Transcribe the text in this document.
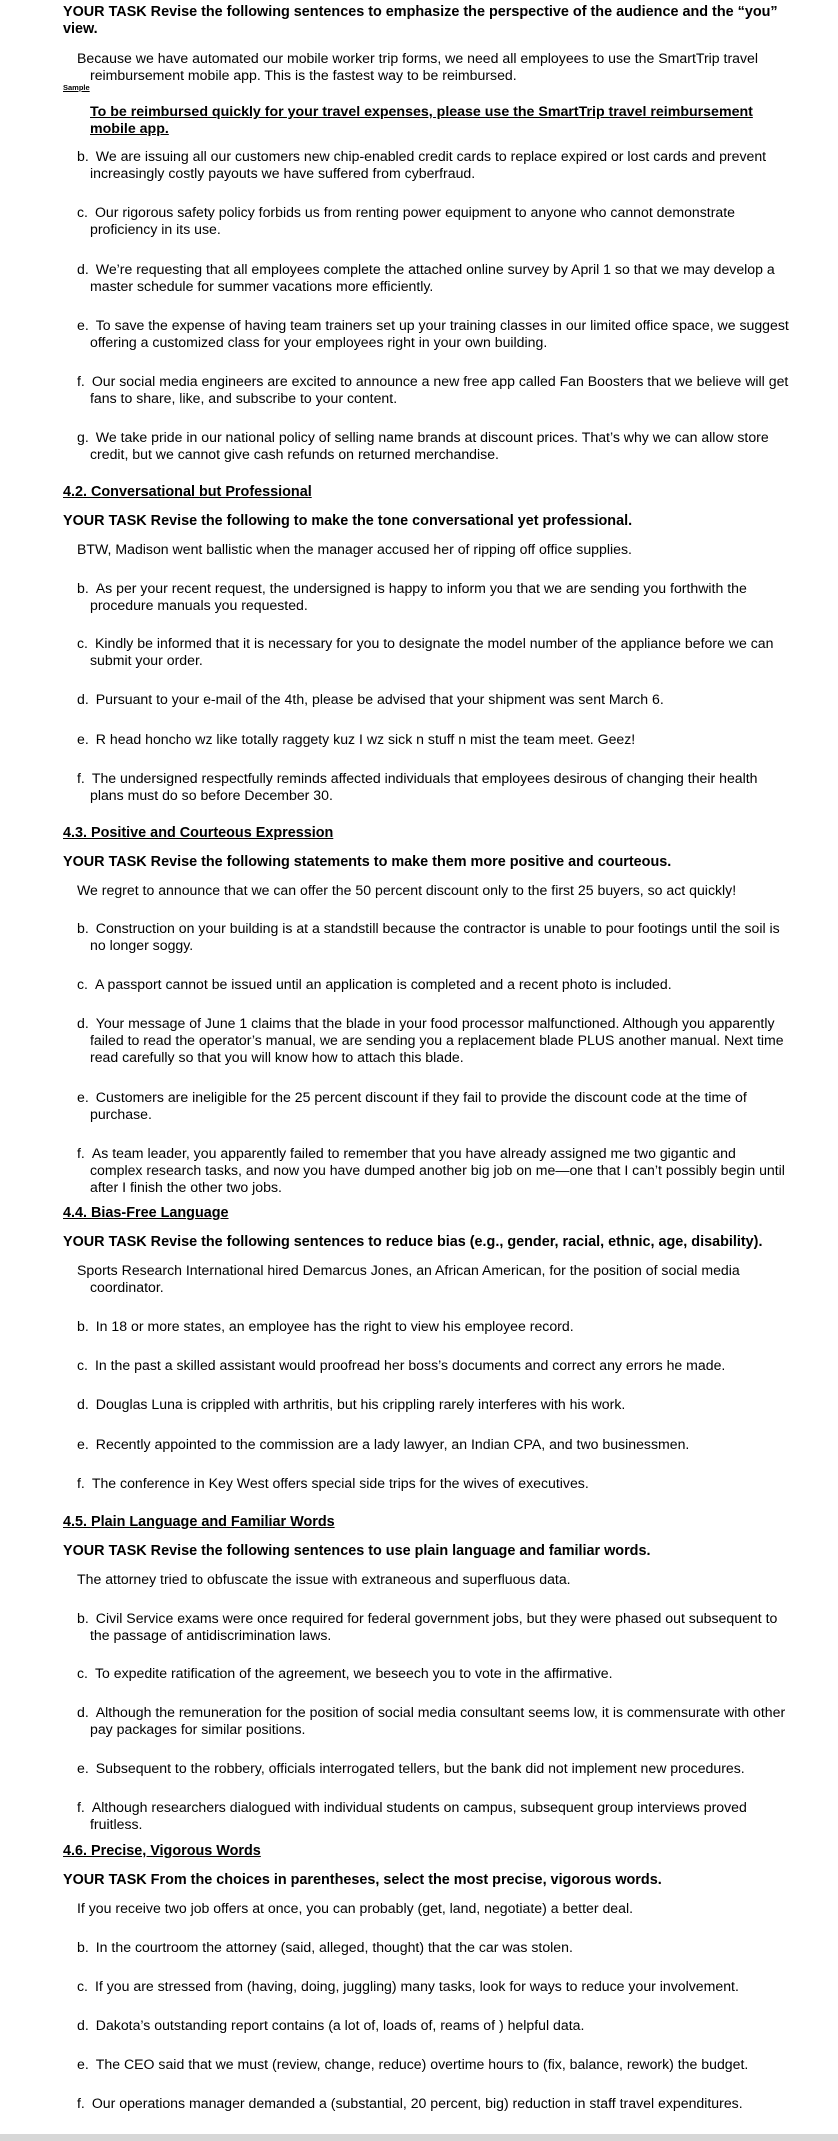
YOUR TASK Revise the following sentences to emphasize the perspective of the audience and the “you” view.

Because we have automated our mobile worker trip forms, we need all employees to use the SmartTrip travel reimbursement mobile app. This is the fastest way to be reimbursed.

Sample

To be reimbursed quickly for your travel expenses, please use the SmartTrip travel reimbursement mobile app.

b. We are issuing all our customers new chip-enabled credit cards to replace expired or lost cards and prevent increasingly costly payouts we have suffered from cyberfraud.

c. Our rigorous safety policy forbids us from renting power equipment to anyone who cannot demonstrate proficiency in its use.

d. We’re requesting that all employees complete the attached online survey by April 1 so that we may develop a master schedule for summer vacations more efficiently.

e. To save the expense of having team trainers set up your training classes in our limited office space, we suggest offering a customized class for your employees right in your own building.

f. Our social media engineers are excited to announce a new free app called Fan Boosters that we believe will get fans to share, like, and subscribe to your content.

g. We take pride in our national policy of selling name brands at discount prices. That’s why we can allow store credit, but we cannot give cash refunds on returned merchandise.

4.2. Conversational but Professional

YOUR TASK Revise the following to make the tone conversational yet professional.

BTW, Madison went ballistic when the manager accused her of ripping off office supplies.

b. As per your recent request, the undersigned is happy to inform you that we are sending you forthwith the procedure manuals you requested.

c. Kindly be informed that it is necessary for you to designate the model number of the appliance before we can submit your order.

d. Pursuant to your e-mail of the 4th, please be advised that your shipment was sent March 6.

e. R head honcho wz like totally raggety kuz I wz sick n stuff n mist the team meet. Geez!

f. The undersigned respectfully reminds affected individuals that employees desirous of changing their health plans must do so before December 30.

4.3. Positive and Courteous Expression

YOUR TASK Revise the following statements to make them more positive and courteous.

We regret to announce that we can offer the 50 percent discount only to the first 25 buyers, so act quickly!

b. Construction on your building is at a standstill because the contractor is unable to pour footings until the soil is no longer soggy.

c. A passport cannot be issued until an application is completed and a recent photo is included.

d. Your message of June 1 claims that the blade in your food processor malfunctioned. Although you apparently failed to read the operator’s manual, we are sending you a replacement blade PLUS another manual. Next time read carefully so that you will know how to attach this blade.

e. Customers are ineligible for the 25 percent discount if they fail to provide the discount code at the time of purchase.

f. As team leader, you apparently failed to remember that you have already assigned me two gigantic and complex research tasks, and now you have dumped another big job on me—one that I can’t possibly begin until after I finish the other two jobs.

4.4. Bias-Free Language

YOUR TASK Revise the following sentences to reduce bias (e.g., gender, racial, ethnic, age, disability).

Sports Research International hired Demarcus Jones, an African American, for the position of social media coordinator.

b. In 18 or more states, an employee has the right to view his employee record.

c. In the past a skilled assistant would proofread her boss’s documents and correct any errors he made.

d. Douglas Luna is crippled with arthritis, but his crippling rarely interferes with his work.

e. Recently appointed to the commission are a lady lawyer, an Indian CPA, and two businessmen.

f. The conference in Key West offers special side trips for the wives of executives.

4.5. Plain Language and Familiar Words

YOUR TASK Revise the following sentences to use plain language and familiar words.

The attorney tried to obfuscate the issue with extraneous and superfluous data.

b. Civil Service exams were once required for federal government jobs, but they were phased out subsequent to the passage of antidiscrimination laws.

c. To expedite ratification of the agreement, we beseech you to vote in the affirmative.

d. Although the remuneration for the position of social media consultant seems low, it is commensurate with other pay packages for similar positions.

e. Subsequent to the robbery, officials interrogated tellers, but the bank did not implement new procedures.

f. Although researchers dialogued with individual students on campus, subsequent group interviews proved fruitless.

4.6. Precise, Vigorous Words

YOUR TASK From the choices in parentheses, select the most precise, vigorous words.

If you receive two job offers at once, you can probably (get, land, negotiate) a better deal.

b. In the courtroom the attorney (said, alleged, thought) that the car was stolen.

c. If you are stressed from (having, doing, juggling) many tasks, look for ways to reduce your involvement.

d. Dakota’s outstanding report contains (a lot of, loads of, reams of ) helpful data.

e. The CEO said that we must (review, change, reduce) overtime hours to (fix, balance, rework) the budget.

f. Our operations manager demanded a (substantial, 20 percent, big) reduction in staff travel expenditures.
